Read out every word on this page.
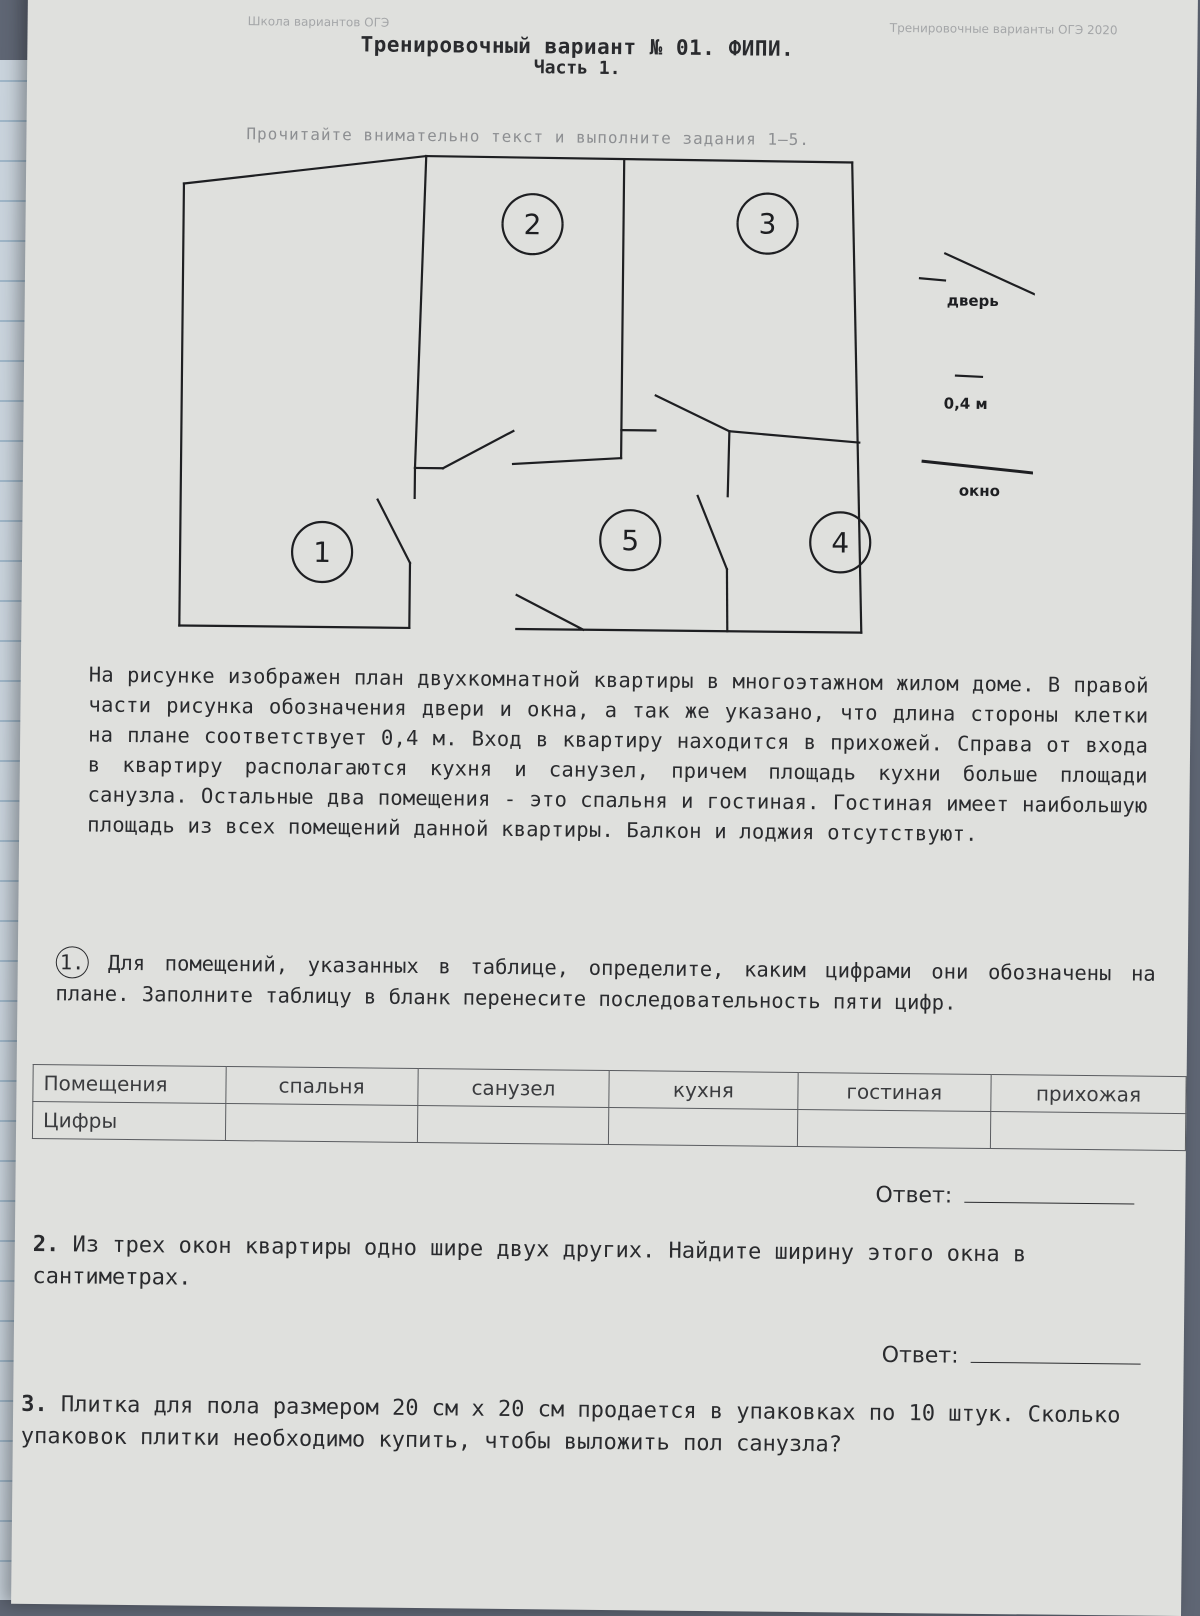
Школа вариантов ОГЭ	Тренировочные варианты ОГЭ 2020
Тренировочный вариант № 01. ФИПИ.
Часть 1.
Прочитайте внимательно текст и выполните задания 1–5.
1
2	3
4
5
дверь
0,4 м
окно
На рисунке изображен план двухкомнатной квартиры в многоэтажном жилом доме. В правой части рисунка обозначения двери и окна, а так же указано, что длина стороны клетки на плане соответствует 0,4 м. Вход в квартиру находится в прихожей. Справа от входа в квартиру располагаются кухня и санузел, причем площадь кухни больше площади санузла. Остальные два помещения - это спальня и гостиная. Гостиная имеет наибольшую площадь из всех помещений данной квартиры. Балкон и лоджия отсутствуют.
1. Для помещений, указанных в таблице, определите, каким цифрами они обозначены на плане. Заполните таблицу в бланк перенесите последовательность пяти цифр.
Помещения	спальня	санузел	кухня	гостиная	прихожая
Цифры					
Ответ:
2. Из трех окон квартиры одно шире двух других. Найдите ширину этого окна в сантиметрах.
Ответ:
3. Плитка для пола размером 20 см х 20 см продается в упаковках по 10 штук. Сколько упаковок плитки необходимо купить, чтобы выложить пол санузла?
